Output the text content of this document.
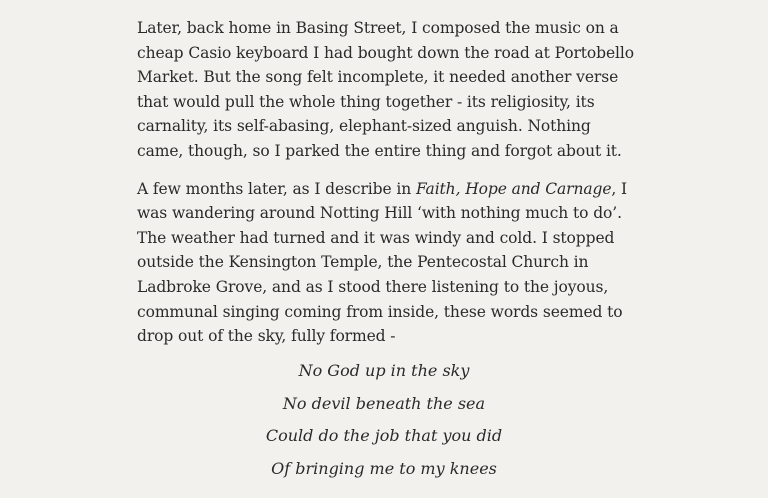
Later, back home in Basing Street, I composed the music on a cheap Casio keyboard I had bought down the road at Portobello Market. But the song felt incomplete, it needed another verse that would pull the whole thing together - its religiosity, its carnality, its self-abasing, elephant-sized anguish. Nothing came, though, so I parked the entire thing and forgot about it.

A few months later, as I describe in Faith, Hope and Carnage, I was wandering around Notting Hill ‘with nothing much to do’. The weather had turned and it was windy and cold. I stopped outside the Kensington Temple, the Pentecostal Church in Ladbroke Grove, and as I stood there listening to the joyous, communal singing coming from inside, these words seemed to drop out of the sky, fully formed -

No God up in the sky

No devil beneath the sea

Could do the job that you did

Of bringing me to my knees
